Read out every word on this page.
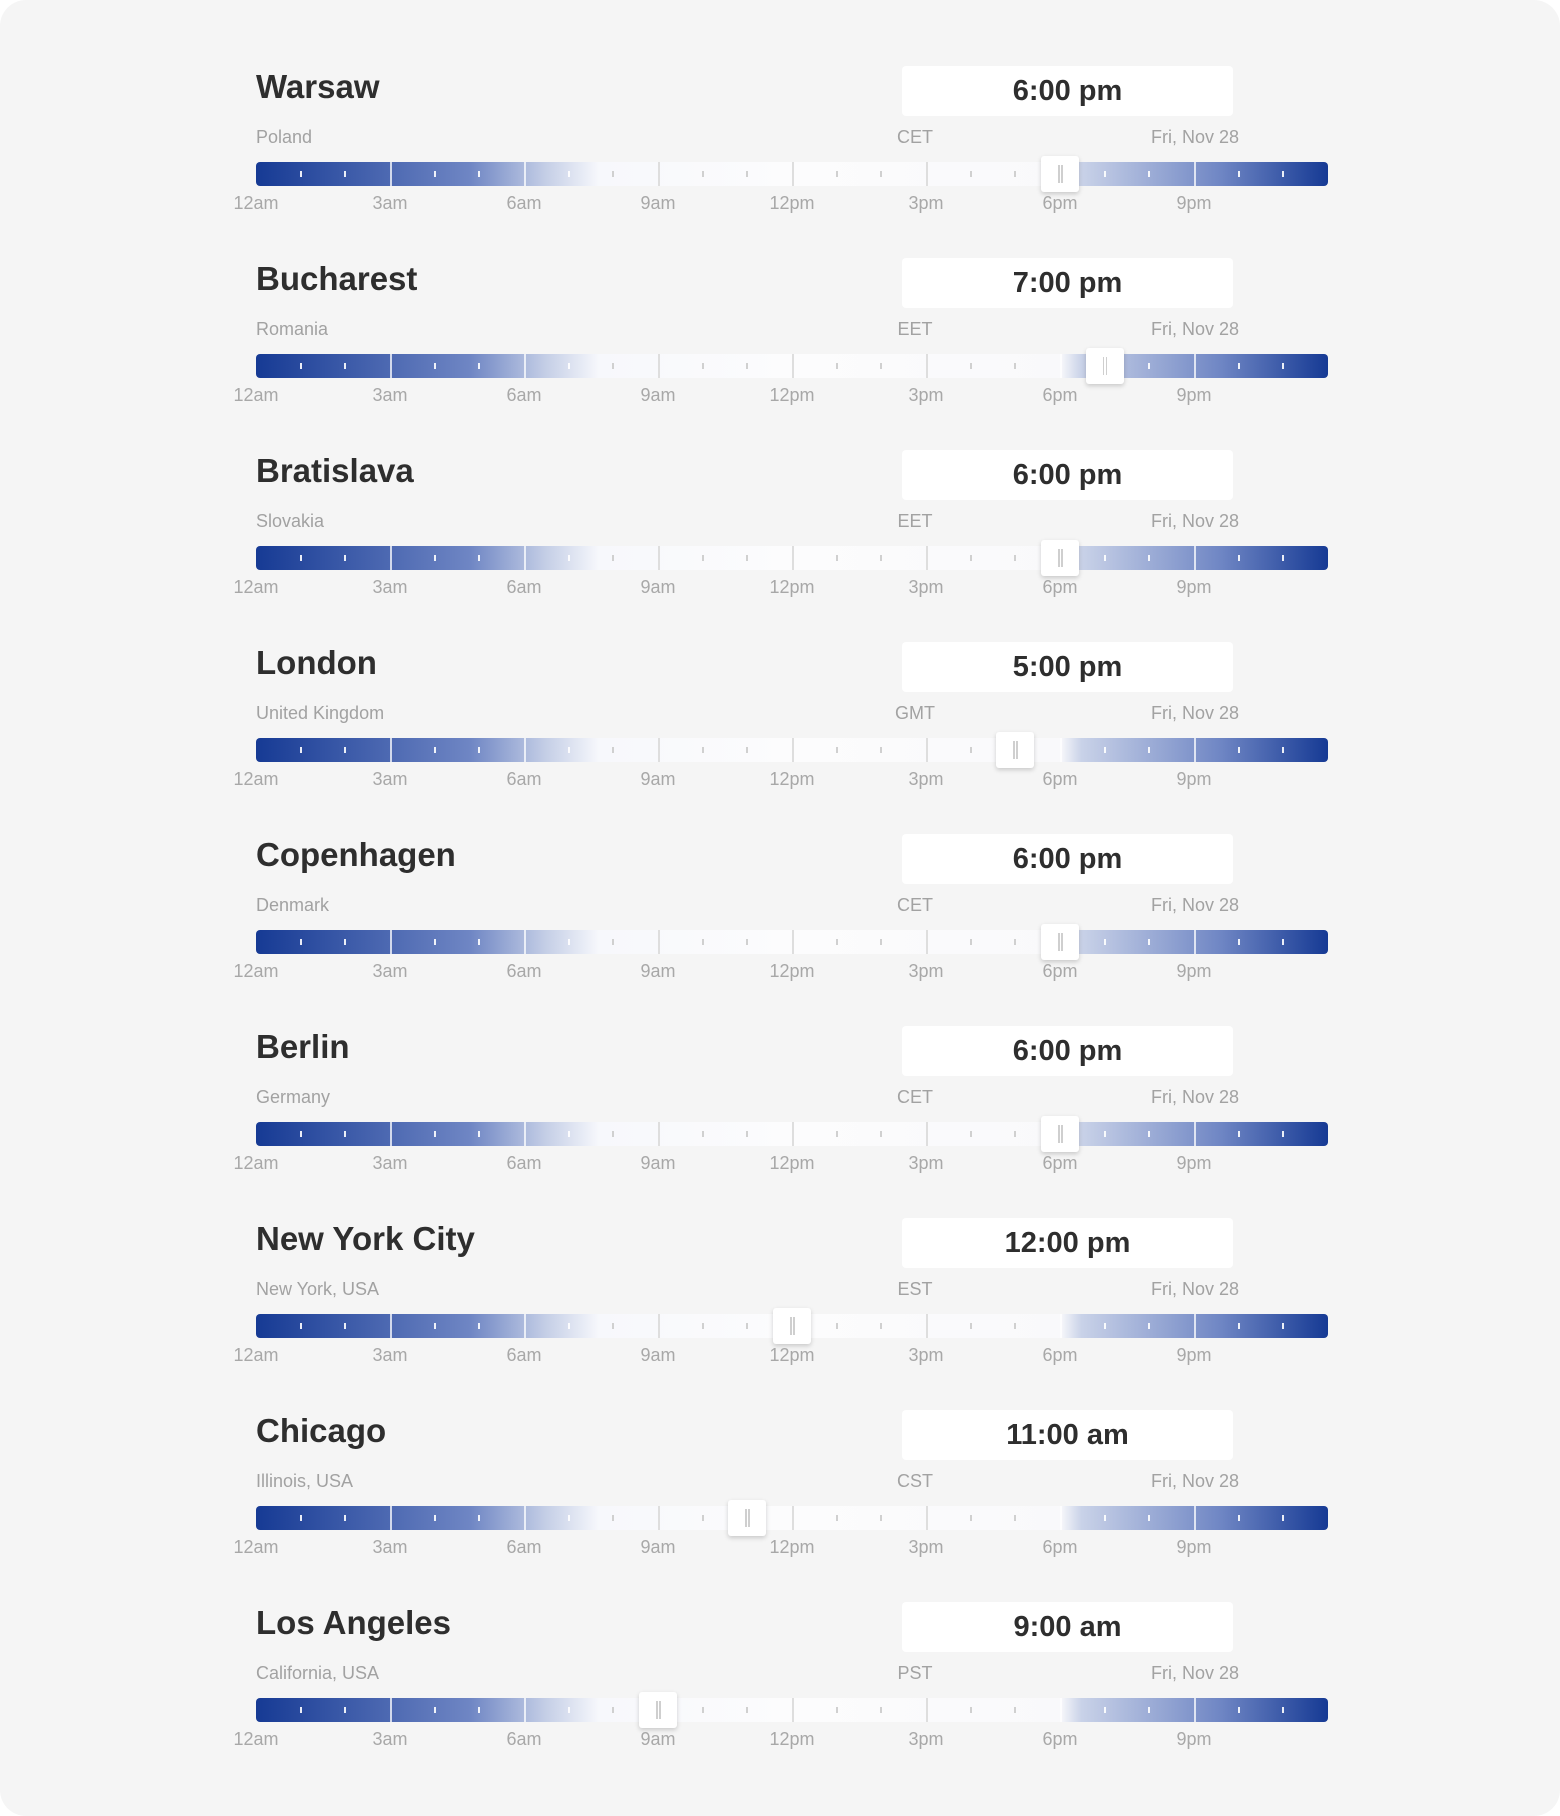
Warsaw
Poland
6:00 pm
CET	Fri, Nov 28
12am	3am	6am	9am	12pm	3pm	6pm	9pm
Bucharest
Romania
7:00 pm
EET	Fri, Nov 28
12am	3am	6am	9am	12pm	3pm	6pm	9pm
Bratislava
Slovakia
6:00 pm
EET	Fri, Nov 28
12am	3am	6am	9am	12pm	3pm	6pm	9pm
London
United Kingdom
5:00 pm
GMT	Fri, Nov 28
12am	3am	6am	9am	12pm	3pm	6pm	9pm
Copenhagen
Denmark
6:00 pm
CET	Fri, Nov 28
12am	3am	6am	9am	12pm	3pm	6pm	9pm
Berlin
Germany
6:00 pm
CET	Fri, Nov 28
12am	3am	6am	9am	12pm	3pm	6pm	9pm
New York City
New York, USA
12:00 pm
EST	Fri, Nov 28
12am	3am	6am	9am	12pm	3pm	6pm	9pm
Chicago
Illinois, USA
11:00 am
CST	Fri, Nov 28
12am	3am	6am	9am	12pm	3pm	6pm	9pm
Los Angeles
California, USA
9:00 am
PST	Fri, Nov 28
12am	3am	6am	9am	12pm	3pm	6pm	9pm
